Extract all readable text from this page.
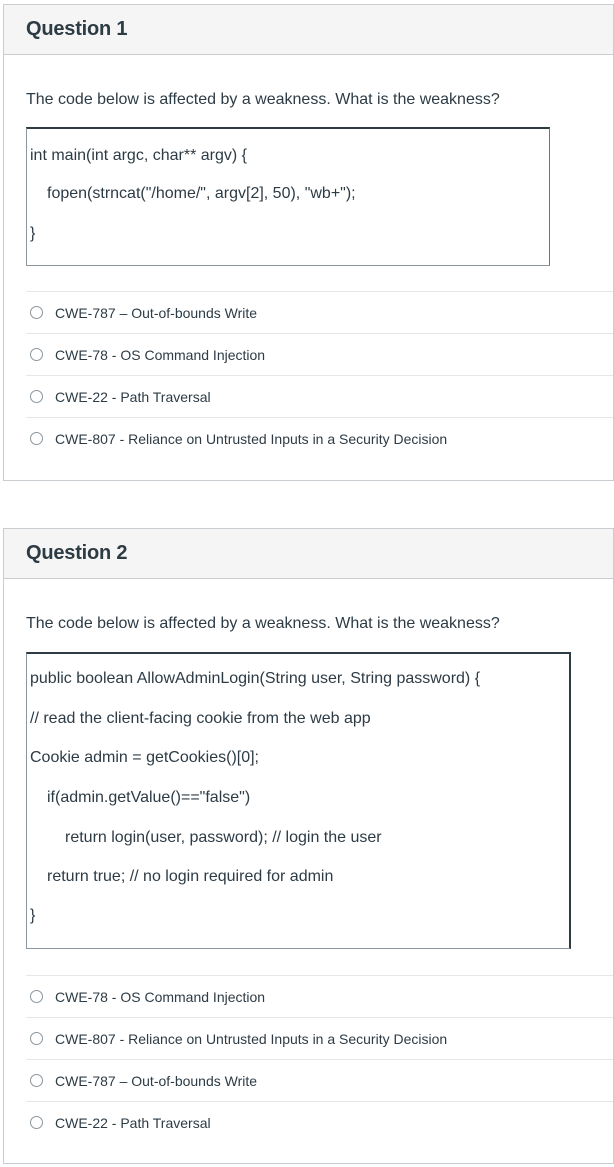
Question 1
The code below is affected by a weakness. What is the weakness?
int main(int argc, char** argv) {
fopen(strncat("/home/", argv[2], 50), "wb+");
}
CWE-787 – Out-of-bounds Write
CWE-78 - OS Command Injection
CWE-22 - Path Traversal
CWE-807 - Reliance on Untrusted Inputs in a Security Decision
Question 2
The code below is affected by a weakness. What is the weakness?
public boolean AllowAdminLogin(String user, String password) {
// read the client-facing cookie from the web app
Cookie admin = getCookies()[0];
if(admin.getValue()=="false")
return login(user, password); // login the user
return true; // no login required for admin
}
CWE-78 - OS Command Injection
CWE-807 - Reliance on Untrusted Inputs in a Security Decision
CWE-787 – Out-of-bounds Write
CWE-22 - Path Traversal
